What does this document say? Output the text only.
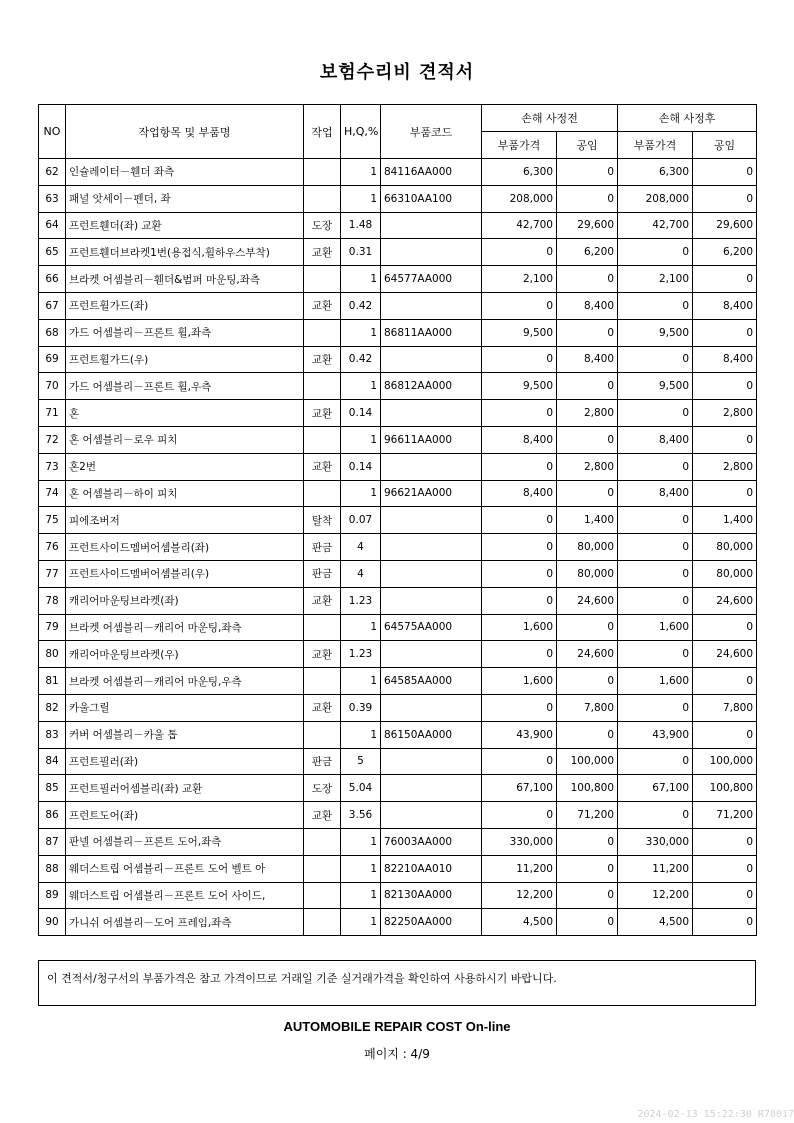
보험수리비 견적서
NO	작업항목 및 부품명	작업	H,Q,%	부품코드	손해 사정전		손해 사정후	
					부품가격	공임	부품가격	공임
62	인슐레이터－휀더 좌측		1	84116AA000	6,300	0	6,300	0
63	패널 앗세이－펜더, 좌		1	66310AA100	208,000	0	208,000	0
64	프런트휀더(좌) 교환	도장	1.48		42,700	29,600	42,700	29,600
65	프런트휀더브라켓1번(용접식,휠하우스부착)	교환	0.31		0	6,200	0	6,200
66	브라켓 어셈블리－휀더&범퍼 마운팅,좌측		1	64577AA000	2,100	0	2,100	0
67	프런트휠가드(좌)	교환	0.42		0	8,400	0	8,400
68	가드 어셈블리－프론트 휠,좌측		1	86811AA000	9,500	0	9,500	0
69	프런트휠가드(우)	교환	0.42		0	8,400	0	8,400
70	가드 어셈블리－프론트 휠,우측		1	86812AA000	9,500	0	9,500	0
71	혼	교환	0.14		0	2,800	0	2,800
72	혼 어셈블리－로우 피치		1	96611AA000	8,400	0	8,400	0
73	혼2번	교환	0.14		0	2,800	0	2,800
74	혼 어셈블리－하이 피치		1	96621AA000	8,400	0	8,400	0
75	피에조버저	탈착	0.07		0	1,400	0	1,400
76	프런트사이드멤버어셈블리(좌)	판금	4		0	80,000	0	80,000
77	프런트사이드멤버어셈블리(우)	판금	4		0	80,000	0	80,000
78	캐리어마운팅브라켓(좌)	교환	1.23		0	24,600	0	24,600
79	브라켓 어셈블리－캐리어 마운팅,좌측		1	64575AA000	1,600	0	1,600	0
80	캐리어마운팅브라켓(우)	교환	1.23		0	24,600	0	24,600
81	브라켓 어셈블리－캐리어 마운팅,우측		1	64585AA000	1,600	0	1,600	0
82	카울그릴	교환	0.39		0	7,800	0	7,800
83	커버 어셈블리－카울 톱		1	86150AA000	43,900	0	43,900	0
84	프런트필러(좌)	판금	5		0	100,000	0	100,000
85	프런트필러어셈블리(좌) 교환	도장	5.04		67,100	100,800	67,100	100,800
86	프런트도어(좌)	교환	3.56		0	71,200	0	71,200
87	판넬 어셈블리－프론트 도어,좌측		1	76003AA000	330,000	0	330,000	0
88	웨더스트립 어셈블리－프론트 도어 벨트 아		1	82210AA010	11,200	0	11,200	0
89	웨더스트립 어셈블리－프론트 도어 사이드,		1	82130AA000	12,200	0	12,200	0
90	가니쉬 어셈블리－도어 프레임,좌측		1	82250AA000	4,500	0	4,500	0
이 견적서/청구서의 부품가격은 참고 가격이므로 거래일 기준 실거래가격을 확인하여 사용하시기 바랍니다.
AUTOMOBILE REPAIR COST On-line
페이지 : 4/9
2024-02-13 15:22:30 R70017
